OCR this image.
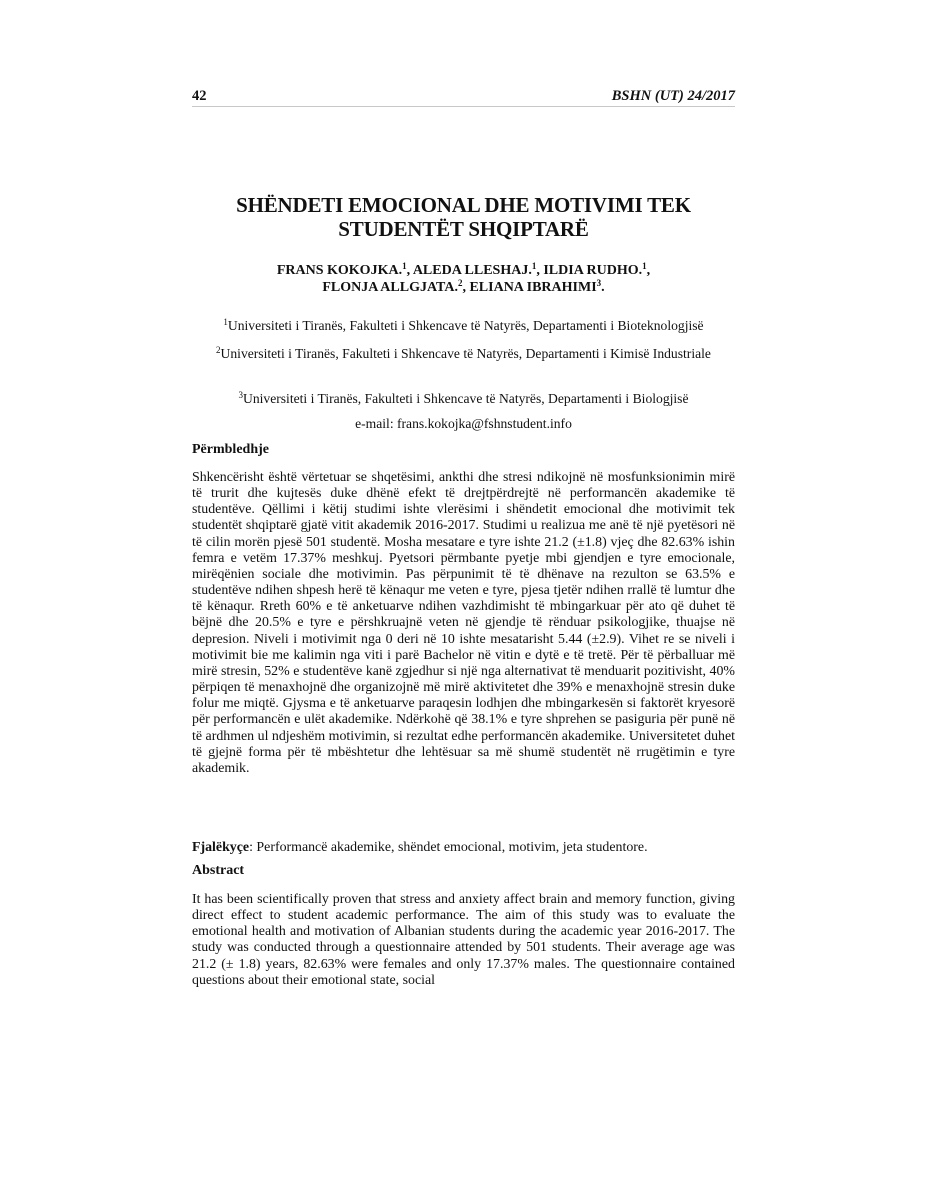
42	BSHN (UT) 24/2017
SHËNDETI EMOCIONAL DHE MOTIVIMI TEK
STUDENTËT SHQIPTARË
FRANS KOKOJKA.$^1$, ALEDA LLESHAJ.$^1$, ILDIA RUDHO.$^1$,
FLONJA ALLGJATA.$^2$, ELIANA IBRAHIMI$^3$.
$^1$Universiteti i Tiranës, Fakulteti i Shkencave të Natyrës, Departamenti i Bioteknologjisë
$^2$Universiteti i Tiranës, Fakulteti i Shkencave të Natyrës, Departamenti i Kimisë Industriale
$^3$Universiteti i Tiranës, Fakulteti i Shkencave të Natyrës, Departamenti i Biologjisë
e-mail: frans.kokojka@fshnstudent.info
Përmbledhje
Shkencërisht është vërtetuar se shqetësimi, ankthi dhe stresi ndikojnë në mosfunksionimin mirë të trurit dhe kujtesës duke dhënë efekt të drejtpërdrejtë në performancën akademike të studentëve. Qëllimi i këtij studimi ishte vlerësimi i shëndetit emocional dhe motivimit tek studentët shqiptarë gjatë vitit akademik 2016-2017. Studimi u realizua me anë të një pyetësori në të cilin morën pjesë 501 studentë. Mosha mesatare e tyre ishte 21.2 (±1.8) vjeç dhe 82.63% ishin femra e vetëm 17.37% meshkuj. Pyetsori përmbante pyetje mbi gjendjen e tyre emocionale, mirëqënien sociale dhe motivimin. Pas përpunimit të të dhënave na rezulton se 63.5% e studentëve ndihen shpesh herë të kënaqur me veten e tyre, pjesa tjetër ndihen rrallë të lumtur dhe të kënaqur. Rreth 60% e të anketuarve ndihen vazhdimisht të mbingarkuar për ato që duhet të bëjnë dhe 20.5% e tyre e përshkruajnë veten në gjendje të rënduar psikologjike, thuajse në depresion. Niveli i motivimit nga 0 deri në 10 ishte mesatarisht 5.44 (±2.9). Vihet re se niveli i motivimit bie me kalimin nga viti i parë Bachelor në vitin e dytë e të tretë. Për të përballuar më mirë stresin, 52% e studentëve kanë zgjedhur si një nga alternativat të menduarit pozitivisht, 40% përpiqen të menaxhojnë dhe organizojnë më mirë aktivitetet dhe 39% e menaxhojnë stresin duke folur me miqtë. Gjysma e të anketuarve paraqesin lodhjen dhe mbingarkesën si faktorët kryesorë për performancën e ulët akademike. Ndërkohë që 38.1% e tyre shprehen se pasiguria për punë në të ardhmen ul ndjeshëm motivimin, si rezultat edhe performancën akademike. Universitetet duhet të gjejnë forma për të mbështetur dhe lehtësuar sa më shumë studentët në rrugëtimin e tyre akademik.
Fjalëkyçe: Performancë akademike, shëndet emocional, motivim, jeta studentore.
Abstract
It has been scientifically proven that stress and anxiety affect brain and memory function, giving direct effect to student academic performance. The aim of this study was to evaluate the emotional health and motivation of Albanian students during the academic year 2016-2017. The study was conducted through a questionnaire attended by 501 students. Their average age was 21.2 (± 1.8) years, 82.63% were females and only 17.37% males. The questionnaire contained questions about their emotional state, social
